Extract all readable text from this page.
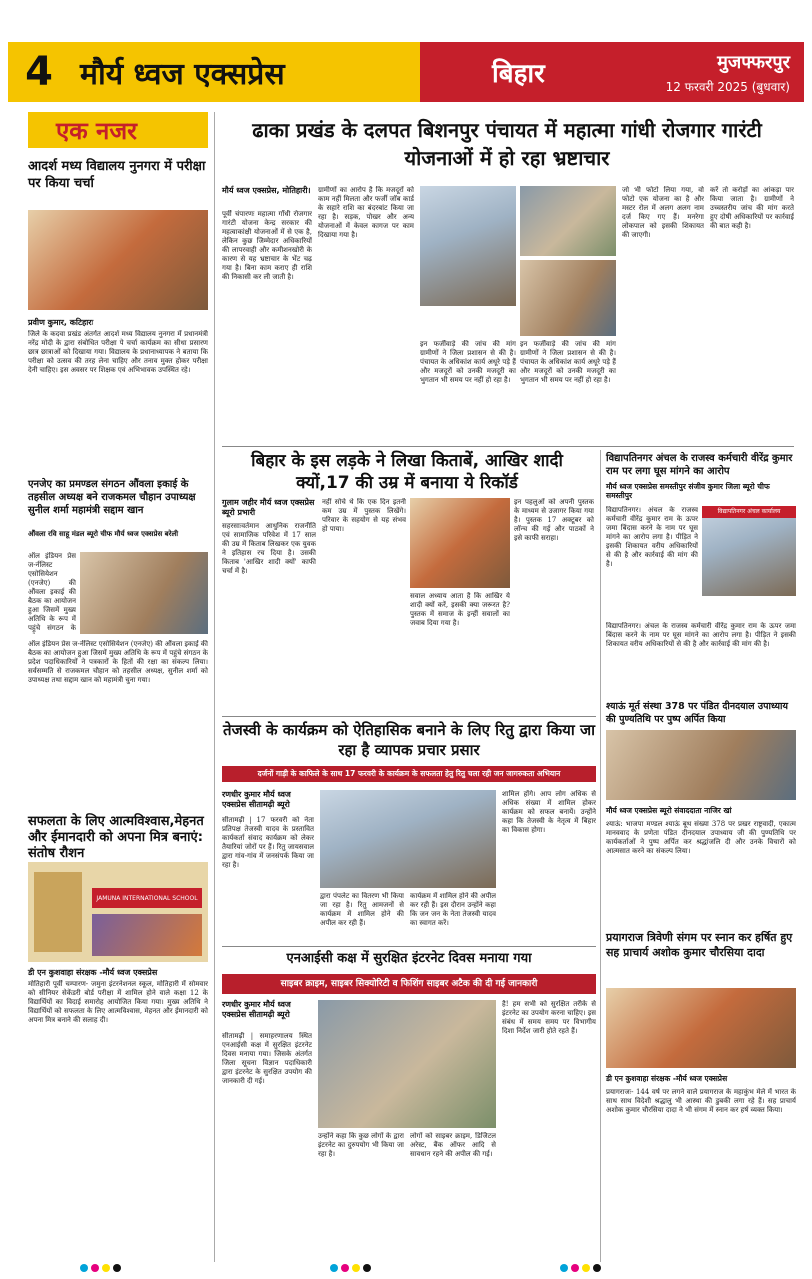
4 मौर्य ध्वज एक्सप्रेस	बिहार	मुजफ्फरपुर
12 फरवरी 2025 (बुधवार)
एक नजर
आदर्श मध्य विद्यालय नुनगरा में परीक्षा पर किया चर्चा
प्रवीण कुमार, कटिहारः
जिले के कदवा प्रखंड अंतर्गत आदर्श मध्य विद्यालय नुनगरा में प्रधानमंत्री नरेंद्र मोदी के द्वारा संबोधित परीक्षा पे चर्चा कार्यक्रम का सीधा प्रसारण छात्र छात्राओं को दिखाया गया। विद्यालय के प्रधानाध्यापक ने बताया कि परीक्षा को उत्सव की तरह लेना चाहिए और तनाव मुक्त होकर परीक्षा देनी चाहिए। इस अवसर पर शिक्षक एवं अभिभावक उपस्थित रहे।
एनजेए का प्रमण्डल संगठन औंवला इकाई के तहसील अध्यक्ष बने राजकमल चौहान उपाध्यक्ष सुनील शर्मा महामंत्री सद्दाम खान
औंवला रवि साहू मंडल ब्यूरो चीफ मौर्य ध्वज एक्सप्रेस बरेली
ऑल इंडियन प्रेस ज-र्नलिस्ट एसोसियेशन (एनजेए) की औंवला इकाई की बैठक का आयोजन हुआ जिसमें मुख्य अतिथि के रूप में पहुंचे संगठन के
ऑल इंडियन प्रेस ज-र्नलिस्ट एसोसियेशन (एनजेए) की औंवला इकाई की बैठक का आयोजन हुआ जिसमें मुख्य अतिथि के रूप में पहुंचे संगठन के प्रदेश पदाधिकारियों ने पत्रकारों के हितों की रक्षा का संकल्प लिया। सर्वसम्मति से राजकमल चौहान को तहसील अध्यक्ष, सुनील शर्मा को उपाध्यक्ष तथा सद्दाम खान को महामंत्री चुना गया।
सफलता के लिए आत्मविश्वास,मेहनत और ईमानदारी को अपना मित्र बनाएं: संतोष रौशन
JAMUNA INTERNATIONAL SCHOOL
डी एन कुशवाहा संरक्षक -मौर्य ध्वज एक्सप्रेस
मोतिहारी पूर्वी चम्पारण- जमुना इंटरनेशनल स्कूल, मोतिहारी में सोमवार को सीनियर सेकेंडरी बोर्ड परीक्षा में शामिल होने वाले कक्षा 12 के विद्यार्थियों का विदाई समारोह आयोजित किया गया। मुख्य अतिथि ने विद्यार्थियों को सफलता के लिए आत्मविश्वास, मेहनत और ईमानदारी को अपना मित्र बनाने की सलाह दी।
ढाका प्रखंड के दलपत बिशनपुर पंचायत में महात्मा गांधी रोजगार गारंटी योजनाओं में हो रहा भ्रष्टाचार
मौर्य ध्वज एक्सप्रेस, मोतिहारी।
पूर्वी चंपारणः महात्मा गाँधी रोजगार गारंटी योजना केन्द्र सरकार की महत्वाकांक्षी योजनाओं में से एक है, लेकिन कुछ जिम्मेदार अधिकारियों की लापरवाही और कमीशनखोरी के कारण से यह भ्रष्टाचार के भेंट चढ़ गया है। बिना काम कराए ही राशि की निकासी कर ली जाती है।
ग्रामीणों का आरोप है कि मजदूरों को काम नहीं मिलता और फर्जी जॉब कार्ड के सहारे राशि का बंदरबांट किया जा रहा है। सड़क, पोखर और अन्य योजनाओं में केवल कागज पर काम दिखाया गया है।
इन फर्जीवाड़े की जांच की मांग ग्रामीणों ने जिला प्रशासन से की है। पंचायत के अधिकांश कार्य अधूरे पड़े हैं और मजदूरों को उनकी मजदूरी का भुगतान भी समय पर नहीं हो रहा है।
इन फर्जीवाड़े की जांच की मांग ग्रामीणों ने जिला प्रशासन से की है। पंचायत के अधिकांश कार्य अधूरे पड़े हैं और मजदूरों को उनकी मजदूरी का भुगतान भी समय पर नहीं हो रहा है।
जो भी फोटो लिया गया, वो फोटो एक योजना का है और मस्टर रोल में अलग अलग नाम दर्ज किए गए हैं। मनरेगा लोकपाल को इसकी शिकायत की जाएगी।
करें तो करोड़ों का आंकड़ा पार किया जाता है। ग्रामीणों ने उच्चस्तरीय जांच की मांग करते हुए दोषी अधिकारियों पर कार्रवाई की बात कही है।
बिहार के इस लड़के ने लिखा किताबें, आखिर शादी क्यों,17 की उम्र में बनाया ये रिकॉर्ड
गुलाम जहीर मौर्य ध्वज एक्सप्रेस ब्यूरो प्रभारी
सहरसाःवर्तमान आधुनिक राजनीति एवं सामाजिक परिवेश में 17 साल की उम्र में किताब लिखकर एक युवक ने इतिहास रच दिया है। उसकी किताब 'आखिर शादी क्यों' काफी चर्चा में है।
नहीं सोचे थे कि एक दिन इतनी कम उम्र में पुस्तक लिखेंगे। परिवार के सहयोग से यह संभव हो पाया।
सवाल अध्याय आता है कि आखिर ये शादी क्यों करें, इसकी क्या जरूरत है? पुस्तक में समाज के इन्हीं सवालों का जवाब दिया गया है।
इन पहलुओं को अपनी पुस्तक के माध्यम से उजागर किया गया है। पुस्तक 17 अक्टूबर को लॉन्च की गई और पाठकों ने इसे काफी सराहा।
तेजस्वी के कार्यक्रम को ऐतिहासिक बनाने के लिए रितु द्वारा किया जा रहा है व्यापक प्रचार प्रसार
दर्जनों गाड़ी के काफिले के साथ 17 फरवरी के कार्यक्रम के सफलता हेतु रितु चला रही जन जागरुकता अभियान
रणधीर कुमार मौर्य ध्वज एक्सप्रेस सीतामढ़ी ब्यूरो
सीतामढ़ी | 17 फरवरी को नेता प्रतिपक्ष तेजस्वी यादव के प्रस्तावित कार्यकर्ता संवाद कार्यक्रम को लेकर तैयारियां जोरों पर हैं। रितु जायसवाल द्वारा गांव-गांव में जनसंपर्क किया जा रहा है।
द्वारा पंपलेट का वितरण भी किया जा रहा है। रितु आमजनों से कार्यक्रम में शामिल होने की अपील कर रही हैं।
कार्यक्रम में शामिल होने की अपील कर रही हैं। इस दौरान उन्होंने कहा कि जन जन के नेता तेजस्वी यादव का स्वागत करें।
शामिल होंगे। आप लोग अधिक से अधिक संख्या में शामिल होकर कार्यक्रम को सफल बनायें। उन्होंने कहा कि तेजस्वी के नेतृत्व में बिहार का विकास होगा।
एनआईसी कक्ष में सुरक्षित इंटरनेट दिवस मनाया गया
साइबर क्राइम, साइबर सिक्योरिटी व फिशिंग साइबर अटैक की दी गई जानकारी
रणधीर कुमार मौर्य ध्वज एक्सप्रेस सीतामढ़ी ब्यूरो
सीतामढ़ी | समाहरणालय स्थित एनआईसी कक्ष में सुरक्षित इंटरनेट दिवस मनाया गया। जिसके अंतर्गत जिला सूचना विज्ञान पदाधिकारी द्वारा इंटरनेट के सुरक्षित उपयोग की जानकारी दी गई।
उन्होंने कहा कि कुछ लोगों के द्वारा इंटरनेट का दुरुपयोग भी किया जा रहा है।
लोगों को साइबर क्राइम, डिजिटल अरेस्ट, बैंक ऑफर आदि से सावधान रहने की अपील की गई।
है! हम सभी को सुरक्षित तरीके से इंटरनेट का उपयोग करना चाहिए। इस संबंध में समय समय पर विभागीय दिशा निर्देश जारी होते रहते हैं।
विद्यापतिनगर अंचल के राजस्व कर्मचारी वीरेंद्र कुमार राम पर लगा घूस मांगने का आरोप
मौर्य ध्वज एक्सप्रेस समस्तीपुर संजीव कुमार जिला ब्यूरो चीफ समस्तीपुर
विद्यापतिनगर। अंचल के राजस्व कर्मचारी वीरेंद्र कुमार राम के ऊपर जमा बिंदास करने के नाम पर घूस मांगने का आरोप लगा है। पीड़ित ने इसकी शिकायत वरीय अधिकारियों से की है और कार्रवाई की मांग की है।
विद्यापतिनगर अंचल कार्यालय
विद्यापतिनगर। अंचल के राजस्व कर्मचारी वीरेंद्र कुमार राम के ऊपर जमा बिंदास करने के नाम पर घूस मांगने का आरोप लगा है। पीड़ित ने इसकी शिकायत वरीय अधिकारियों से की है और कार्रवाई की मांग की है।
श्याऊं मूर्त संस्था 378 पर पंडित दीनदयाल उपाध्याय की पुण्यतिथि पर पुष्प अर्पित किया
मौर्य ध्वज एक्सप्रेस ब्यूरो संवाददाता नाजिर खां
श्याऊं: भाजपा मण्डल श्याऊं बूथ संख्या 378 पर प्रखर राष्ट्रवादी, एकात्म मानववाद के प्रणेता पंडित दीनदयाल उपाध्याय जी की पुण्यतिथि पर कार्यकर्ताओं ने पुष्प अर्पित कर श्रद्धांजलि दी और उनके विचारों को आत्मसात करने का संकल्प लिया।
प्रयागराज त्रिवेणी संगम पर स्नान कर हर्षित हुए सह प्राचार्य अशोक कुमार चौरसिया दादा
डी एन कुशवाहा संरक्षक -मौर्य ध्वज एक्सप्रेस
प्रयागराजः- 144 वर्ष पर लगने वाले प्रयागराज के महाकुंभ मेले में भारत के साथ साथ विदेशी श्रद्धालु भी आस्था की डुबकी लगा रहे हैं। सह प्राचार्य अशोक कुमार चौरसिया दादा ने भी संगम में स्नान कर हर्ष व्यक्त किया।
